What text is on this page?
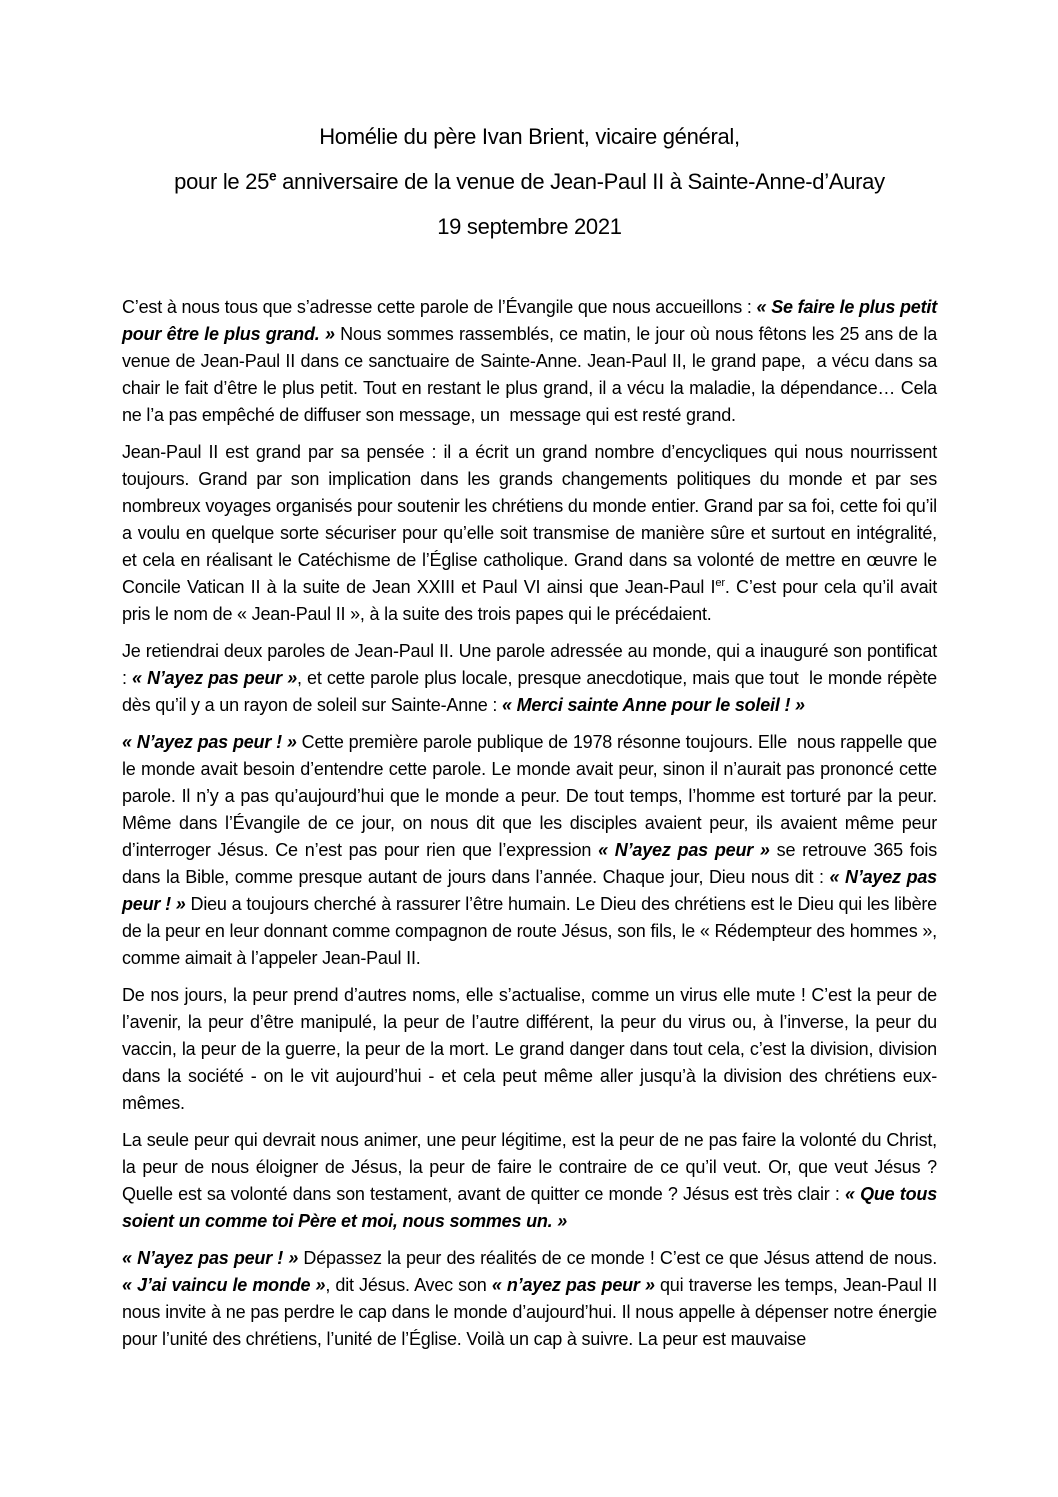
Homélie du père Ivan Brient, vicaire général,
pour le 25e anniversaire de la venue de Jean-Paul II à Sainte-Anne-d’Auray
19 septembre 2021

C’est à nous tous que s’adresse cette parole de l’Évangile que nous accueillons : « Se faire le plus petit pour être le plus grand. » Nous sommes rassemblés, ce matin, le jour où nous fêtons les 25 ans de la venue de Jean-Paul II dans ce sanctuaire de Sainte-Anne. Jean-Paul II, le grand pape,  a vécu dans sa chair le fait d’être le plus petit. Tout en restant le plus grand, il a vécu la maladie, la dépendance… Cela ne l’a pas empêché de diffuser son message, un  message qui est resté grand.

Jean-Paul II est grand par sa pensée : il a écrit un grand nombre d’encycliques qui nous nourrissent toujours. Grand par son implication dans les grands changements politiques du monde et par ses nombreux voyages organisés pour soutenir les chrétiens du monde entier. Grand par sa foi, cette foi qu’il a voulu en quelque sorte sécuriser pour qu’elle soit transmise de manière sûre et surtout en intégralité, et cela en réalisant le Catéchisme de l’Église catholique. Grand dans sa volonté de mettre en œuvre le Concile Vatican II à la suite de Jean XXIII et Paul VI ainsi que Jean-Paul Ier. C’est pour cela qu’il avait pris le nom de « Jean-Paul II », à la suite des trois papes qui le précédaient.

Je retiendrai deux paroles de Jean-Paul II. Une parole adressée au monde, qui a inauguré son pontificat : « N’ayez pas peur », et cette parole plus locale, presque anecdotique, mais que tout  le monde répète dès qu’il y a un rayon de soleil sur Sainte-Anne : « Merci sainte Anne pour le soleil ! »

« N’ayez pas peur ! » Cette première parole publique de 1978 résonne toujours. Elle  nous rappelle que le monde avait besoin d’entendre cette parole. Le monde avait peur, sinon il n’aurait pas prononcé cette parole. Il n’y a pas qu’aujourd’hui que le monde a peur. De tout temps, l’homme est torturé par la peur. Même dans l’Évangile de ce jour, on nous dit que les disciples avaient peur, ils avaient même peur d’interroger Jésus. Ce n’est pas pour rien que l’expression « N’ayez pas peur » se retrouve 365 fois dans la Bible, comme presque autant de jours dans l’année. Chaque jour, Dieu nous dit : « N’ayez pas peur ! » Dieu a toujours cherché à rassurer l’être humain. Le Dieu des chrétiens est le Dieu qui les libère de la peur en leur donnant comme compagnon de route Jésus, son fils, le « Rédempteur des hommes », comme aimait à l’appeler Jean-Paul II.

De nos jours, la peur prend d’autres noms, elle s’actualise, comme un virus elle mute ! C’est la peur de l’avenir, la peur d’être manipulé, la peur de l’autre différent, la peur du virus ou, à l’inverse, la peur du vaccin, la peur de la guerre, la peur de la mort. Le grand danger dans tout cela, c’est la division, division dans la société - on le vit aujourd’hui - et cela peut même aller jusqu’à la division des chrétiens eux-mêmes.

La seule peur qui devrait nous animer, une peur légitime, est la peur de ne pas faire la volonté du Christ, la peur de nous éloigner de Jésus, la peur de faire le contraire de ce qu’il veut. Or, que veut Jésus ? Quelle est sa volonté dans son testament, avant de quitter ce monde ? Jésus est très clair : « Que tous soient un comme toi Père et moi, nous sommes un. »

« N’ayez pas peur ! » Dépassez la peur des réalités de ce monde ! C’est ce que Jésus attend de nous.  « J’ai vaincu le monde », dit Jésus. Avec son « n’ayez pas peur » qui traverse les temps, Jean-Paul II nous invite à ne pas perdre le cap dans le monde d’aujourd’hui. Il nous appelle à dépenser notre énergie pour l’unité des chrétiens, l’unité de l’Église. Voilà un cap à suivre. La peur est mauvaise
